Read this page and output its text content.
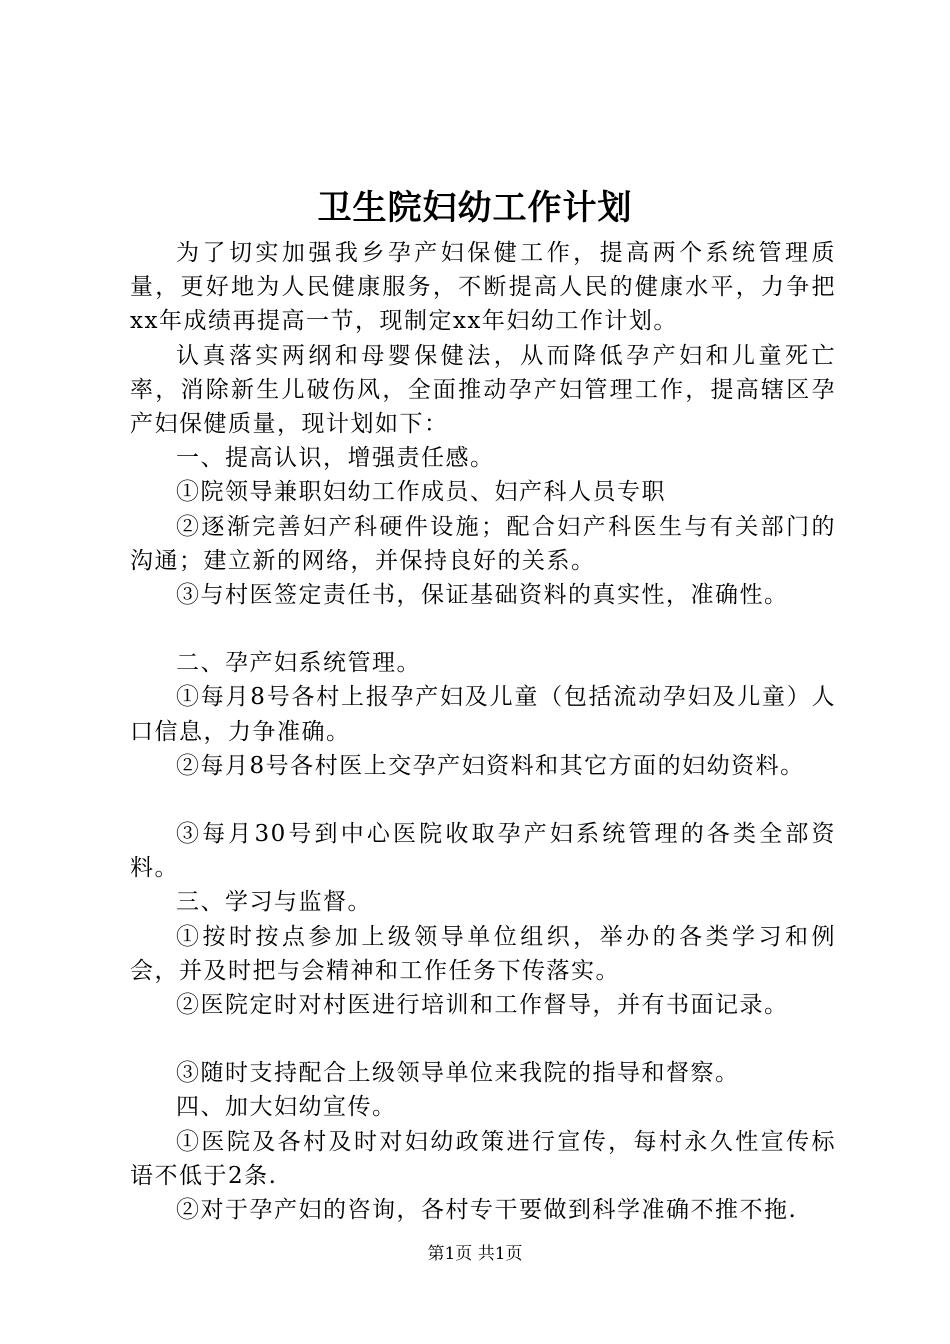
卫生院妇幼工作计划

为了切实加强我乡孕产妇保健工作，提高两个系统管理质量，更好地为人民健康服务，不断提高人民的健康水平，力争把xx年成绩再提高一节，现制定xx年妇幼工作计划。

认真落实两纲和母婴保健法，从而降低孕产妇和儿童死亡率，消除新生儿破伤风，全面推动孕产妇管理工作，提高辖区孕产妇保健质量，现计划如下：

一、提高认识，增强责任感。

①院领导兼职妇幼工作成员、妇产科人员专职

②逐渐完善妇产科硬件设施；配合妇产科医生与有关部门的沟通；建立新的网络，并保持良好的关系。

③与村医签定责任书，保证基础资料的真实性，准确性。

二、孕产妇系统管理。

①每月8号各村上报孕产妇及儿童（包括流动孕妇及儿童）人口信息，力争准确。

②每月8号各村医上交孕产妇资料和其它方面的妇幼资料。

③每月30号到中心医院收取孕产妇系统管理的各类全部资料。

三、学习与监督。

①按时按点参加上级领导单位组织，举办的各类学习和例会，并及时把与会精神和工作任务下传落实。

②医院定时对村医进行培训和工作督导，并有书面记录。

③随时支持配合上级领导单位来我院的指导和督察。

四、加大妇幼宣传。

①医院及各村及时对妇幼政策进行宣传，每村永久性宣传标语不低于2条.

②对于孕产妇的咨询，各村专干要做到科学准确不推不拖.

第1页 共1页
